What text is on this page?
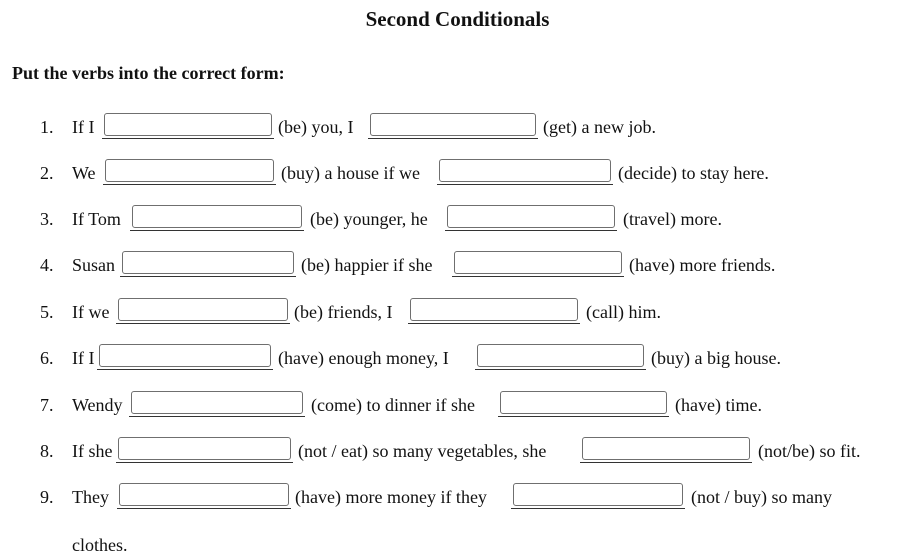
Second Conditionals
Put the verbs into the correct form:
1.	If I	(be) you, I	(get) a new job.
2.	We	(buy) a house if we	(decide) to stay here.
3.	If Tom	(be) younger, he	(travel) more.
4.	Susan	(be) happier if she	(have) more friends.
5.	If we	(be) friends, I	(call) him.
6.	If I	(have) enough money, I	(buy) a big house.
7.	Wendy	(come) to dinner if she	(have) time.
8.	If she	(not / eat) so many vegetables, she	(not/be) so fit.
9.	They	(have) more money if they	(not / buy) so many
clothes.
